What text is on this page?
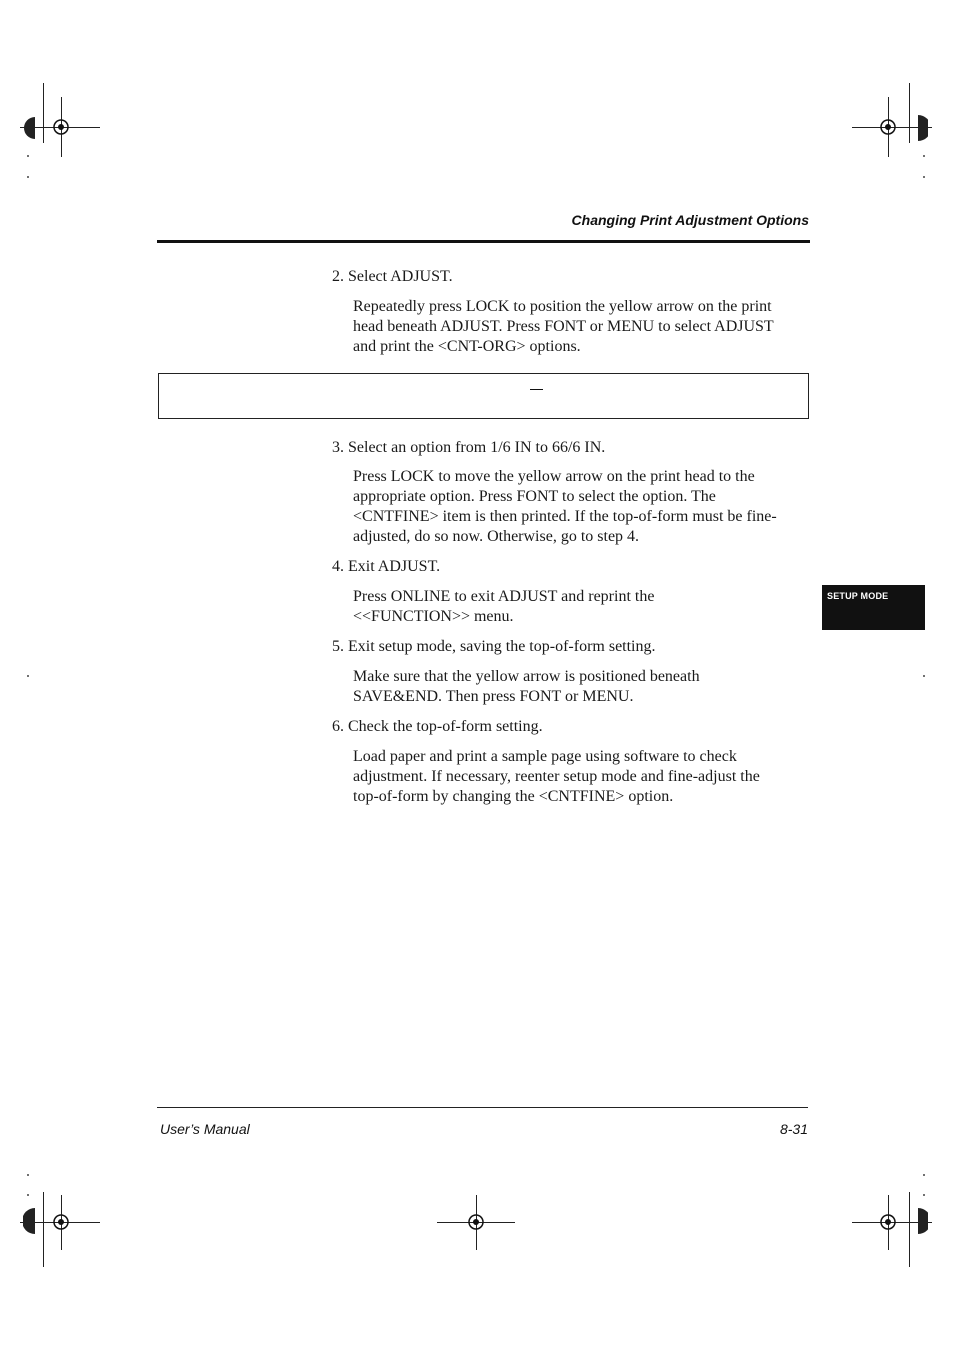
Changing Print Adjustment Options
SETUP MODE
2. Select ADJUST.
Repeatedly press LOCK to position the yellow arrow on the print
head beneath ADJUST. Press FONT or MENU to select ADJUST
and print the <CNT-ORG> options.
3. Select an option from 1/6 IN to 66/6 IN.
Press LOCK to move the yellow arrow on the print head to the
appropriate option. Press FONT to select the option. The
<CNTFINE> item is then printed. If the top-of-form must be fine-
adjusted, do so now. Otherwise, go to step 4.
4. Exit ADJUST.
Press ONLINE to exit ADJUST and reprint the
<<FUNCTION>> menu.
5. Exit setup mode, saving the top-of-form setting.
Make sure that the yellow arrow is positioned beneath
SAVE&END. Then press FONT or MENU.
6. Check the top-of-form setting.
Load paper and print a sample page using software to check
adjustment. If necessary, reenter setup mode and fine-adjust the
top-of-form by changing the <CNTFINE> option.
User’s Manual	8-31
